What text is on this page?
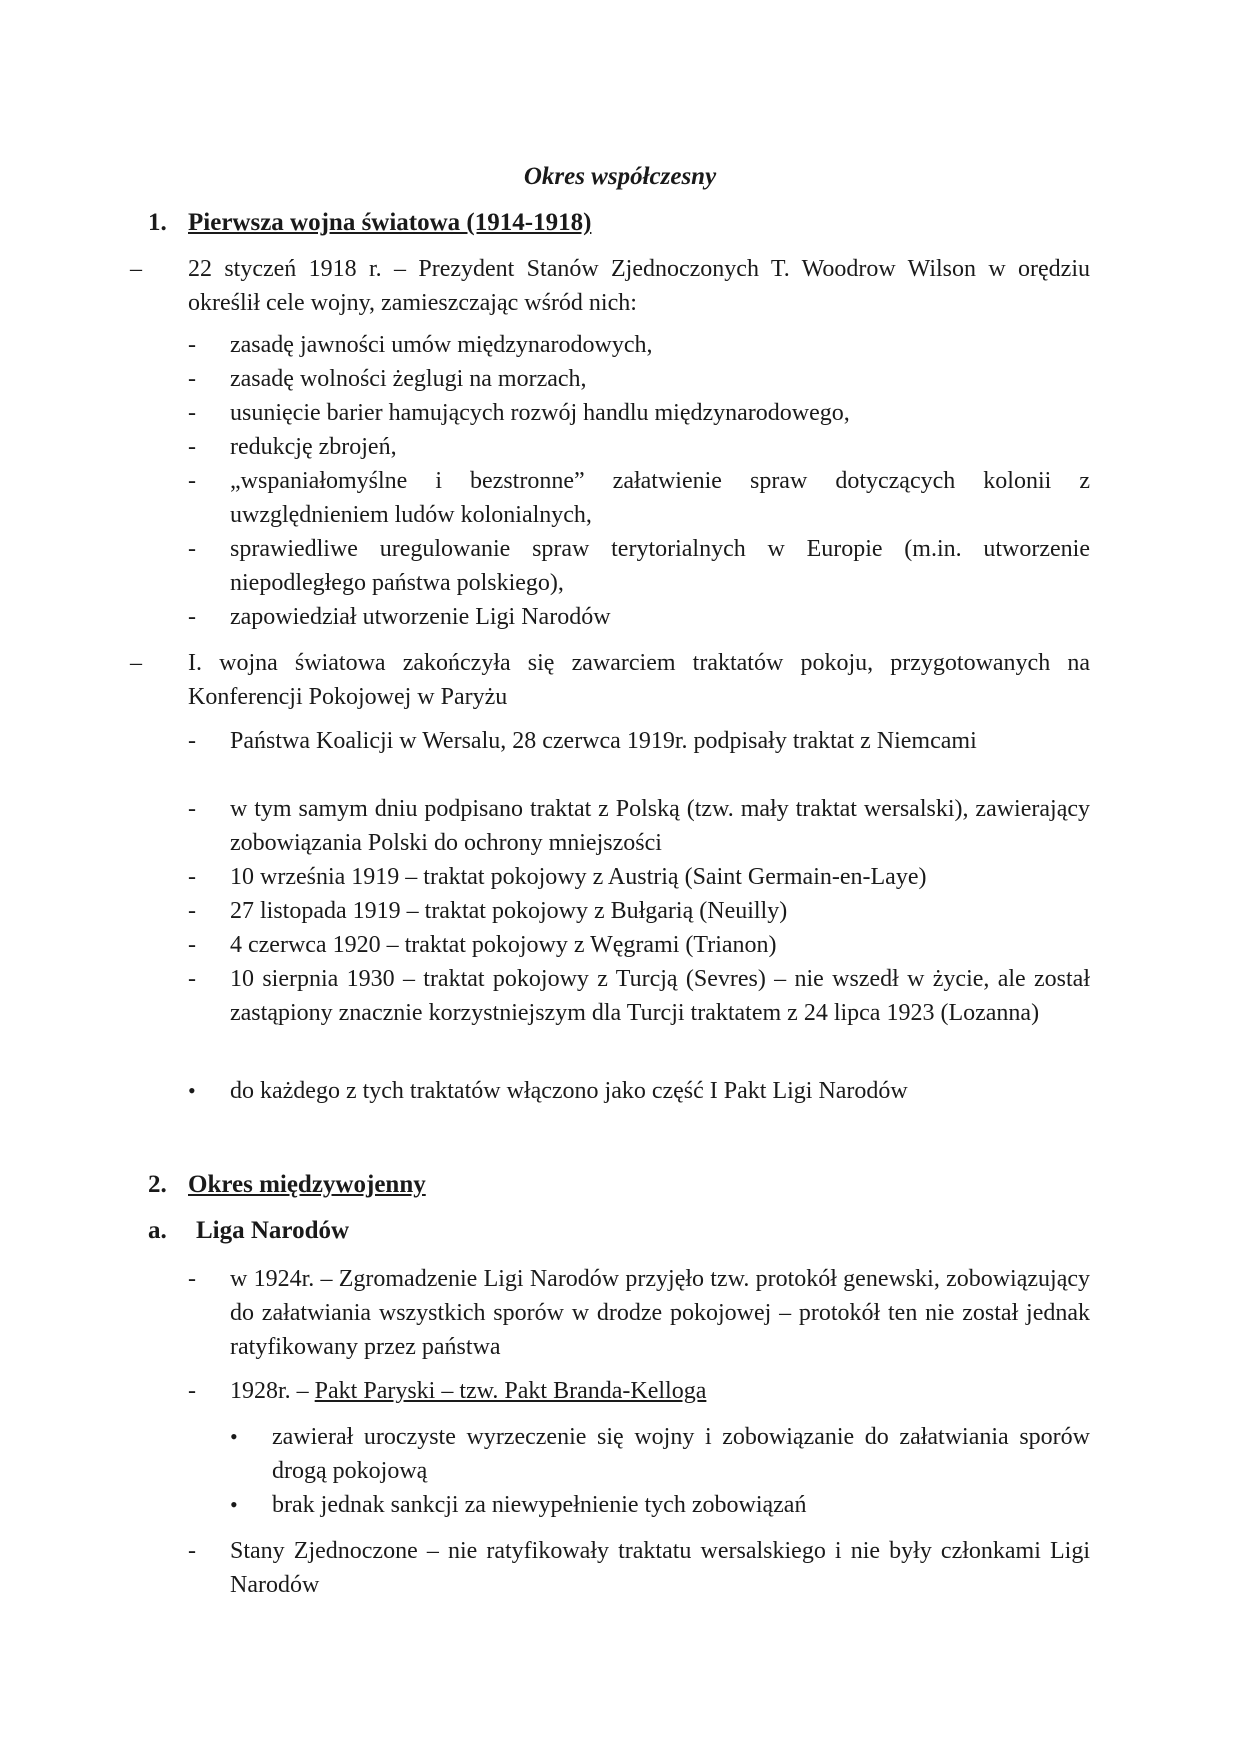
Okres współczesny
1. Pierwsza wojna światowa (1914-1918)
–	22 styczeń 1918 r. – Prezydent Stanów Zjednoczonych T. Woodrow Wilson w orędziu określił cele wojny, zamieszczając wśród nich:
-	zasadę jawności umów międzynarodowych,
-	zasadę wolności żeglugi na morzach,
-	usunięcie barier hamujących rozwój handlu międzynarodowego,
-	redukcję zbrojeń,
-	„wspaniałomyślne i bezstronne” załatwienie spraw dotyczących kolonii z uwzględnieniem ludów kolonialnych,
-	sprawiedliwe uregulowanie spraw terytorialnych w Europie (m.in. utworzenie niepodległego państwa polskiego),
-	zapowiedział utworzenie Ligi Narodów
–	I. wojna światowa zakończyła się zawarciem traktatów pokoju, przygotowanych na Konferencji Pokojowej w Paryżu
-	Państwa Koalicji w Wersalu, 28 czerwca 1919r. podpisały traktat z Niemcami
-	w tym samym dniu podpisano traktat z Polską (tzw. mały traktat wersalski), zawierający zobowiązania Polski do ochrony mniejszości
-	10 września 1919 – traktat pokojowy z Austrią (Saint Germain-en-Laye)
-	27 listopada 1919 – traktat pokojowy z Bułgarią (Neuilly)
-	4 czerwca 1920 – traktat pokojowy z Węgrami (Trianon)
-	10 sierpnia 1930 – traktat pokojowy z Turcją (Sevres) – nie wszedł w życie, ale został zastąpiony znacznie korzystniejszym dla Turcji traktatem z 24 lipca 1923 (Lozanna)
•	do każdego z tych traktatów włączono jako część I Pakt Ligi Narodów
2. Okres międzywojenny
a. Liga Narodów
-	w 1924r. – Zgromadzenie Ligi Narodów przyjęło tzw. protokół genewski, zobowiązujący do załatwiania wszystkich sporów w drodze pokojowej – protokół ten nie został jednak ratyfikowany przez państwa
-	1928r. – Pakt Paryski – tzw. Pakt Branda-Kelloga
•	zawierał uroczyste wyrzeczenie się wojny i zobowiązanie do załatwiania sporów drogą pokojową
•	brak jednak sankcji za niewypełnienie tych zobowiązań
-	Stany Zjednoczone – nie ratyfikowały traktatu wersalskiego i nie były członkami Ligi Narodów
